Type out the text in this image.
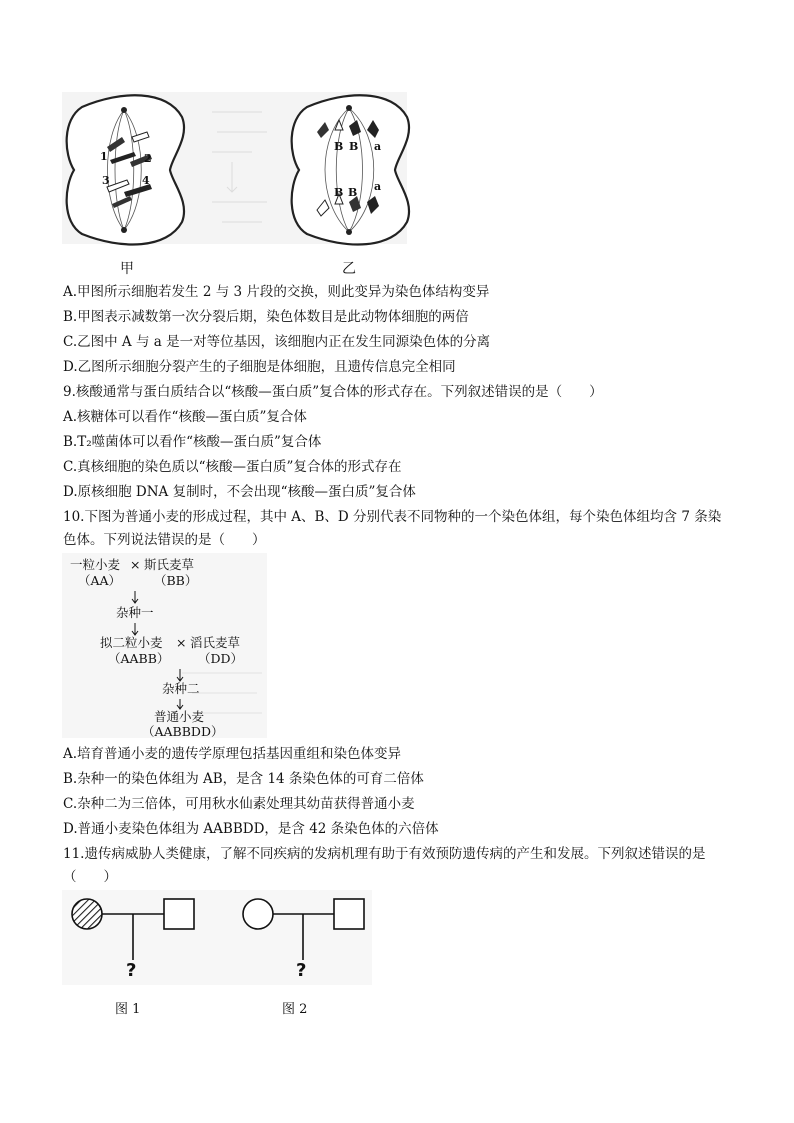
1	2
3	4
B B a
B B a
甲	乙
A.甲图所示细胞若发生 2 与 3 片段的交换，则此变异为染色体结构变异
B.甲图表示减数第一次分裂后期，染色体数目是此动物体细胞的两倍
C.乙图中 A 与 a 是一对等位基因，该细胞内正在发生同源染色体的分离
D.乙图所示细胞分裂产生的子细胞是体细胞，且遗传信息完全相同
9.核酸通常与蛋白质结合以“核酸—蛋白质”复合体的形式存在。下列叙述错误的是（　　）
A.核糖体可以看作“核酸—蛋白质”复合体
B.T₂噬菌体可以看作“核酸—蛋白质”复合体
C.真核细胞的染色质以“核酸—蛋白质”复合体的形式存在
D.原核细胞 DNA 复制时，不会出现“核酸—蛋白质”复合体
10.下图为普通小麦的形成过程，其中 A、B、D 分别代表不同物种的一个染色体组，每个染色体组均含 7 条染
色体。下列说法错误的是（　　）
一粒小麦 × 斯氏麦草
（AA）	（BB）
杂种一
拟二粒小麦 × 滔氏麦草
（AABB） （DD）
杂种二
普通小麦
（AABBDD）
A.培育普通小麦的遗传学原理包括基因重组和染色体变异
B.杂种一的染色体组为 AB，是含 14 条染色体的可育二倍体
C.杂种二为三倍体，可用秋水仙素处理其幼苗获得普通小麦
D.普通小麦染色体组为 AABBDD，是含 42 条染色体的六倍体
11.遗传病威胁人类健康，了解不同疾病的发病机理有助于有效预防遗传病的产生和发展。下列叙述错误的是
（　　）
?	?
图 1	图 2
